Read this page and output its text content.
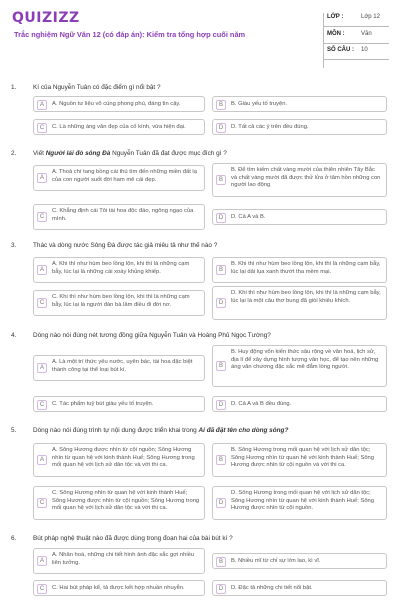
QUIZIZZ
Trắc nghiệm Ngữ Văn 12 (có đáp án): Kiểm tra tổng hợp cuối năm
LỚP :	Lớp 12
MÔN :	Văn
SỐ CÂU : 10
1.	Kí của Nguyễn Tuân có đặc điểm gì nổi bật ?
A	A. Nguồn tư liệu vô cùng phong phú, đáng tin cậy.	B	B. Giàu yếu tố truyện.
C	C. Là những áng văn đẹp của cố kính, vừa hiện đại.	D	D. Tất cả các ý trên đều đúng.
2.	Viết Người lái đò sông Đà Nguyễn Tuân đã đạt được mục đích gì ?
A
A. Thoả chí tang bồng cái thú tìm đến những miền đất lạ của con người suốt đời ham mê cái đẹp.	B
B. Để tìm kiếm chất vàng mười của thiên nhiên Tây Bắc và chất vàng mười đã được thử lửa ở tâm hồn những con người lao động
C
C. Khẳng định cái Tôi tài hoa độc đáo, ngông ngạo của mình.	D	D. Cả A và B.
3.	Thác và dòng nước Sông Đà được tác giả miêu tả như thế nào ?
A
A. Khi thì như hùm beo lồng lộn, khi thì là những cạm bẫy, lúc lại là những cái xoáy khủng khiếp.	B
B. Khi thì như hùm beo lồng lộn, khi thì là những cạm bẫy, lúc lại dải lụa xanh thướt tha mềm mại.
C
C. Khi thì như hùm beo lồng lộn, khi thì là những cạm bẫy, lúc lại là người đàn bà lâm điều đi đời nơ.	D
D. Khi thì như hùm beo lồng lộn, khi thì là những cạm bẫy, lúc lại là một câu thơ bung đã giòi khiêu khích.
4.	Dòng nào nói đúng nét tương đồng giữa Nguyễn Tuân và Hoàng Phủ Ngọc Tường?
A
A. Là một trí thức yêu nước, uyên bác, tài hoa đặc biệt thành công tại thể loại bút kí.
B
B. Huy động vốn kiến thức sâu rộng về văn hoá, lịch sử, địa lí để xây dựng hình tượng văn học, để tạo nên những áng văn chương đặc sắc mê đắm lòng người.
C	C. Tác phẩm tuỳ bút giàu yếu tố truyện.	D	D. Cả A và B đều đúng.
5.	Dòng nào nói đúng trình tự nội dung được triển khai trong Ai đã đặt tên cho dòng sông?
A
A. Sông Hương được nhìn từ cội nguồn; Sông Hương nhìn từ quan hệ với kinh thành Huế; Sông Hương trong mối quan hệ với lịch sử dân tộc và với thi ca.
B
B. Sông Hương trong mối quan hệ với lịch sử dân tộc; Sông Hương nhìn từ quan hệ với kinh thành Huế; Sông Hương được nhìn từ cội nguồn và với thi ca.
C
C. Sông Hương nhìn từ quan hệ với kinh thành Huế; Sông Hương được nhìn từ cội nguồn; Sông Hương trong mối quan hệ với lịch sử dân tộc và với thi ca.
D
D. Sông Hương trong mối quan hệ với lịch sử dân tộc; Sông Hương nhìn từ quan hệ với kinh thành Huế; Sông Hương được nhìn từ cội nguồn.
6.	Bút pháp nghệ thuật nào đã được dùng trong đoạn hai của bài bút kí ?
A
A. Nhân hoá, những chi tiết hình ảnh đặc sắc gợi nhiều liên tưởng.	B	B. Nhiều mĩ từ chỉ sự lớn lao, kì vĩ.
C	C. Hai bút pháp kể, tả được kết hợp nhuần nhuyễn.	D	D. Đặc tả những chi tiết nổi bật.
